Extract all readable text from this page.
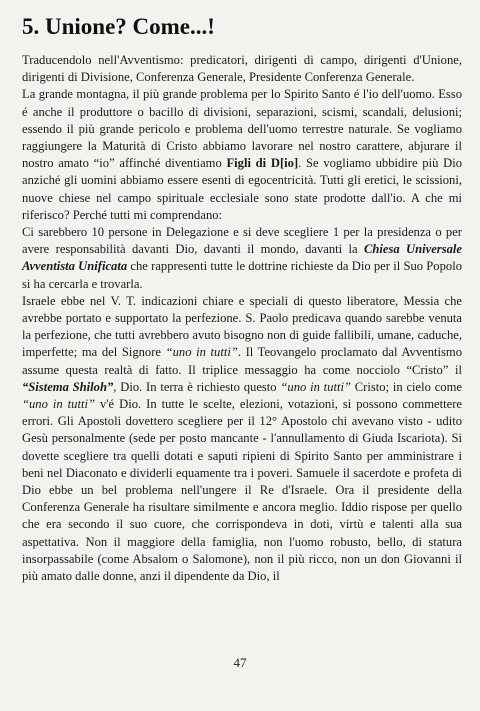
5. Unione? Come...!

Traducendolo nell'Avventismo: predicatori, dirigenti di campo, dirigenti d'Unione, dirigenti di Divisione, Conferenza Generale, Presidente Conferenza Generale.

La grande montagna, il più grande problema per lo Spirito Santo é l'io dell'uomo. Esso é anche il produttore o bacillo di divisioni, separazioni, scismi, scandali, delusioni; essendo il più grande pericolo e problema dell'uomo terrestre naturale. Se vogliamo raggiungere la Maturità di Cristo abbiamo lavorare nel nostro carattere, abjurare il nostro amato “io” affinché diventiamo Figli di D[io]. Se vogliamo ubbidire più Dio anziché gli uomini abbiamo essere esenti di egocentricità. Tutti gli eretici, le scissioni, nuove chiese nel campo spirituale ecclesiale sono state prodotte dall'io. A che mi riferisco? Perché tutti mi comprendano:

Ci sarebbero 10 persone in Delegazione e si deve scegliere 1 per la presidenza o per avere responsabilità davanti Dio, davanti il mondo, davanti la Chiesa Universale Avventista Unificata che rappresenti tutte le dottrine richieste da Dio per il Suo Popolo si ha cercarla e trovarla.

Israele ebbe nel V. T. indicazioni chiare e speciali di questo liberatore, Messia che avrebbe portato e supportato la perfezione. S. Paolo predicava quando sarebbe venuta la perfezione, che tutti avrebbero avuto bisogno non di guide fallibili, umane, caduche, imperfette; ma del Signore “uno in tutti”. Il Teovangelo proclamato dal Avventismo assume questa realtà di fatto. Il triplice messaggio ha come nocciolo “Cristo” il “Sistema Shiloh”, Dio. In terra è richiesto questo “uno in tutti” Cristo; in cielo come “uno in tutti” v'é Dio. In tutte le scelte, elezioni, votazioni, si possono commettere errori. Gli Apostoli dovettero scegliere per il 12° Apostolo chi avevano visto - udito Gesù personalmente (sede per posto mancante - l'annullamento di Giuda Iscariota). Si dovette scegliere tra quelli dotati e saputi ripieni di Spirito Santo per amministrare i beni nel Diaconato e dividerli equamente tra i poveri. Samuele il sacerdote e profeta di Dio ebbe un bel problema nell'ungere il Re d'Israele. Ora il presidente della Conferenza Generale ha risultare similmente e ancora meglio. Iddio rispose per quello che era secondo il suo cuore, che corrispondeva in doti, virtù e talenti alla sua aspettativa. Non il maggiore della famiglia, non l'uomo robusto, bello, di statura insorpassabile (come Absalom o Salomone), non il più ricco, non un don Giovanni il più amato dalle donne, anzi il dipendente da Dio, il

47
